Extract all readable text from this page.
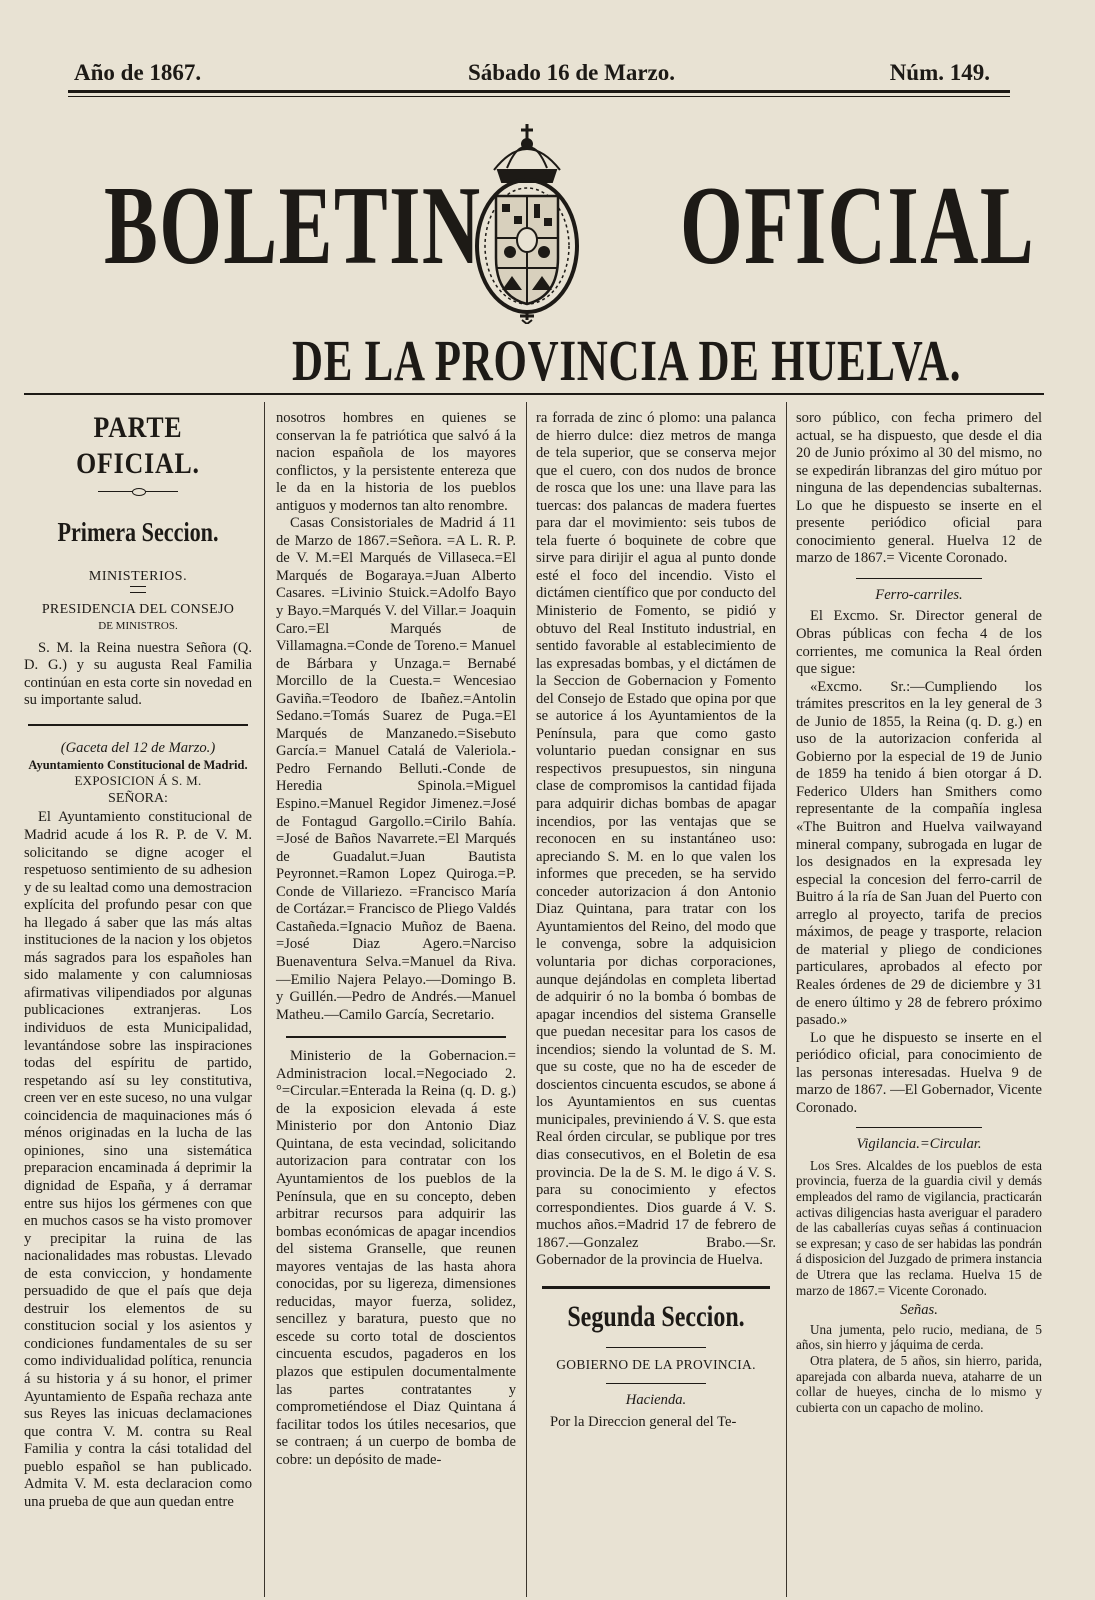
Año de 1867.	Sábado 16 de Marzo.	Núm. 149.
BOLETIN OFICIAL
DE LA PROVINCIA DE HUELVA.
PARTE OFICIAL.
Primera Seccion.
MINISTERIOS.
PRESIDENCIA DEL CONSEJO
DE MINISTROS.

S. M. la Reina nuestra Señora (Q. D. G.) y su augusta Real Familia continúan en esta corte sin novedad en su importante salud.

(Gaceta del 12 de Marzo.)
Ayuntamiento Constitucional de Madrid.
EXPOSICION Á S. M.
SEÑORA:

El Ayuntamiento constitucional de Madrid acude á los R. P. de V. M. solicitando se digne acoger el respetuoso sentimiento de su adhesion y de su lealtad como una demostracion explícita del profundo pesar con que ha llegado á saber que las más altas instituciones de la nacion y los objetos más sagrados para los españoles han sido malamente y con calumniosas afirmativas vilipendiados por algunas publicaciones extranjeras. Los individuos de esta Municipalidad, levantándose sobre las inspiraciones todas del espíritu de partido, respetando así su ley constitutiva, creen ver en este suceso, no una vulgar coincidencia de maquinaciones más ó ménos originadas en la lucha de las opiniones, sino una sistemática preparacion encaminada á deprimir la dignidad de España, y á derramar entre sus hijos los gérmenes con que en muchos casos se ha visto promover y precipitar la ruina de las nacionalidades mas robustas. Llevado de esta conviccion, y hondamente persuadido de que el país que deja destruir los elementos de su constitucion social y los asientos y condiciones fundamentales de su ser como individualidad política, renuncia á su historia y á su honor, el primer Ayuntamiento de España rechaza ante sus Reyes las inicuas declamaciones que contra V. M. contra su Real Familia y contra la cási totalidad del pueblo español se han publicado. Admita V. M. esta declaracion como una prueba de que aun quedan entre

nosotros hombres en quienes se conservan la fe patriótica que salvó á la nacion española de los mayores conflictos, y la persistente entereza que le da en la historia de los pueblos antiguos y modernos tan alto renombre.

Casas Consistoriales de Madrid á 11 de Marzo de 1867.=Señora. =A L. R. P. de V. M.=El Marqués de Villaseca.=El Marqués de Bogaraya.=Juan Alberto Casares. =Livinio Stuick.=Adolfo Bayo y Bayo.=Marqués V. del Villar.= Joaquin Caro.=El Marqués de Villamagna.=Conde de Toreno.= Manuel de Bárbara y Unzaga.= Bernabé Morcillo de la Cuesta.= Wencesiao Gaviña.=Teodoro de Ibañez.=Antolin Sedano.=Tomás Suarez de Puga.=El Marqués de Manzanedo.=Sisebuto García.= Manuel Catalá de Valeriola.-Pedro Fernando Belluti.-Conde de Heredia Spinola.=Miguel Espino.=Manuel Regidor Jimenez.=José de Fontagud Gargollo.=Cirilo Bahía. =José de Baños Navarrete.=El Marqués de Guadalut.=Juan Bautista Peyronnet.=Ramon Lopez Quiroga.=P. Conde de Villariezo. =Francisco María de Cortázar.= Francisco de Pliego Valdés Castañeda.=Ignacio Muñoz de Baena. =José Diaz Agero.=Narciso Buenaventura Selva.=Manuel da Riva.—Emilio Najera Pelayo.—Domingo B. y Guillén.—Pedro de Andrés.—Manuel Matheu.—Camilo García, Secretario.

Ministerio de la Gobernacion.= Administracion local.=Negociado 2.°=Circular.=Enterada la Reina (q. D. g.) de la exposicion elevada á este Ministerio por don Antonio Diaz Quintana, de esta vecindad, solicitando autorizacion para contratar con los Ayuntamientos de los pueblos de la Península, que en su concepto, deben arbitrar recursos para adquirir las bombas económicas de apagar incendios del sistema Granselle, que reunen mayores ventajas de las hasta ahora conocidas, por su ligereza, dimensiones reducidas, mayor fuerza, solidez, sencillez y baratura, puesto que no escede su corto total de doscientos cincuenta escudos, pagaderos en los plazos que estipulen documentalmente las partes contratantes y comprometiéndose el Diaz Quintana á facilitar todos los útiles necesarios, que se contraen; á un cuerpo de bomba de cobre: un depósito de made-

ra forrada de zinc ó plomo: una palanca de hierro dulce: diez metros de manga de tela superior, que se conserva mejor que el cuero, con dos nudos de bronce de rosca que los une: una llave para las tuercas: dos palancas de madera fuertes para dar el movimiento: seis tubos de tela fuerte ó boquinete de cobre que sirve para dirijir el agua al punto donde esté el foco del incendio. Visto el dictámen científico que por conducto del Ministerio de Fomento, se pidió y obtuvo del Real Instituto industrial, en sentido favorable al establecimiento de las expresadas bombas, y el dictámen de la Seccion de Gobernacion y Fomento del Consejo de Estado que opina por que se autorice á los Ayuntamientos de la Península, para que como gasto voluntario puedan consignar en sus respectivos presupuestos, sin ninguna clase de compromisos la cantidad fijada para adquirir dichas bombas de apagar incendios, por las ventajas que se reconocen en su instantáneo uso: apreciando S. M. en lo que valen los informes que preceden, se ha servido conceder autorizacion á don Antonio Diaz Quintana, para tratar con los Ayuntamientos del Reino, del modo que le convenga, sobre la adquisicion voluntaria por dichas corporaciones, aunque dejándolas en completa libertad de adquirir ó no la bomba ó bombas de apagar incendios del sistema Granselle que puedan necesitar para los casos de incendios; siendo la voluntad de S. M. que su coste, que no ha de esceder de doscientos cincuenta escudos, se abone á los Ayuntamientos en sus cuentas municipales, previniendo á V. S. que esta Real órden circular, se publique por tres dias consecutivos, en el Boletin de esa provincia. De la de S. M. le digo á V. S. para su conocimiento y efectos correspondientes. Dios guarde á V. S. muchos años.=Madrid 17 de febrero de 1867.—Gonzalez Brabo.—Sr. Gobernador de la provincia de Huelva.

Segunda Seccion.
GOBIERNO DE LA PROVINCIA.
Hacienda.

Por la Direccion general del Te-

soro público, con fecha primero del actual, se ha dispuesto, que desde el dia 20 de Junio próximo al 30 del mismo, no se expedirán libranzas del giro mútuo por ninguna de las dependencias subalternas. Lo que he dispuesto se inserte en el presente periódico oficial para conocimiento general. Huelva 12 de marzo de 1867.= Vicente Coronado.

Ferro-carriles.

El Excmo. Sr. Director general de Obras públicas con fecha 4 de los corrientes, me comunica la Real órden que sigue:

«Excmo. Sr.:—Cumpliendo los trámites prescritos en la ley general de 3 de Junio de 1855, la Reina (q. D. g.) en uso de la autorizacion conferida al Gobierno por la especial de 19 de Junio de 1859 ha tenido á bien otorgar á D. Federico Ulders han Smithers como representante de la compañía inglesa «The Buitron and Huelva vailwayand mineral company, subrogada en lugar de los designados en la expresada ley especial la concesion del ferro-carril de Buitro á la ría de San Juan del Puerto con arreglo al proyecto, tarifa de precios máximos, de peage y trasporte, relacion de material y pliego de condiciones particulares, aprobados al efecto por Reales órdenes de 29 de diciembre y 31 de enero último y 28 de febrero próximo pasado.»

Lo que he dispuesto se inserte en el periódico oficial, para conocimiento de las personas interesadas. Huelva 9 de marzo de 1867. —El Gobernador, Vicente Coronado.

Vigilancia.=Circular.

Los Sres. Alcaldes de los pueblos de esta provincia, fuerza de la guardia civil y demás empleados del ramo de vigilancia, practicarán activas diligencias hasta averiguar el paradero de las caballerías cuyas señas á continuacion se expresan; y caso de ser habidas las pondrán á disposicion del Juzgado de primera instancia de Utrera que las reclama. Huelva 15 de marzo de 1867.= Vicente Coronado.

Señas.

Una jumenta, pelo rucio, mediana, de 5 años, sin hierro y jáquima de cerda.

Otra platera, de 5 años, sin hierro, parida, aparejada con albarda nueva, ataharre de un collar de hueyes, cincha de lo mismo y cubierta con un capacho de molino.
